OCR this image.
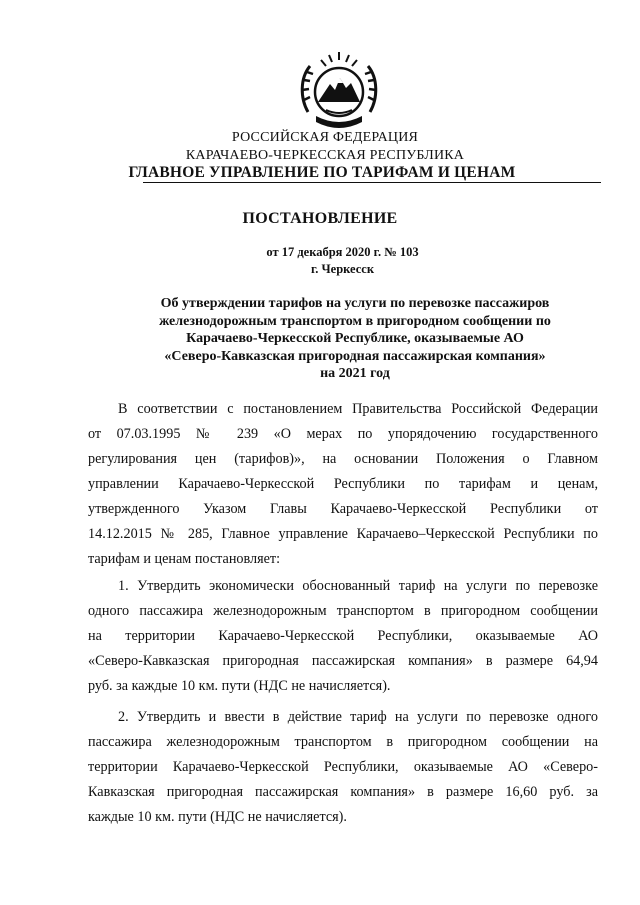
РОССИЙСКАЯ ФЕДЕРАЦИЯ
КАРАЧАЕВО-ЧЕРКЕССКАЯ РЕСПУБЛИКА
ГЛАВНОЕ УПРАВЛЕНИЕ ПО ТАРИФАМ И ЦЕНАМ
ПОСТАНОВЛЕНИЕ
от 17 декабря 2020 г. № 103
г. Черкесск
Об утверждении тарифов на услуги по перевозке пассажиров
железнодорожным транспортом в пригородном сообщении по
Карачаево-Черкесской Республике, оказываемые АО
«Северо-Кавказская пригородная пассажирская компания»
на 2021 год
В соответствии с постановлением Правительства Российской Федерации
от 07.03.1995 № 239 «О мерах по упорядочению государственного
регулирования цен (тарифов)», на основании Положения о Главном
управлении Карачаево-Черкесской Республики по тарифам и ценам,
утвержденного Указом Главы Карачаево-Черкесской Республики от
14.12.2015 № 285, Главное управление Карачаево–Черкесской Республики по
тарифам и ценам постановляет:
1. Утвердить экономически обоснованный тариф на услуги по перевозке
одного пассажира железнодорожным транспортом в пригородном сообщении
на территории Карачаево-Черкесской Республики, оказываемые АО
«Северо-Кавказская пригородная пассажирская компания» в размере 64,94
руб. за каждые 10 км. пути (НДС не начисляется).
2. Утвердить и ввести в действие тариф на услуги по перевозке одного
пассажира железнодорожным транспортом в пригородном сообщении на
территории Карачаево-Черкесской Республики, оказываемые АО «Северо-
Кавказская пригородная пассажирская компания» в размере 16,60 руб. за
каждые 10 км. пути (НДС не начисляется).
